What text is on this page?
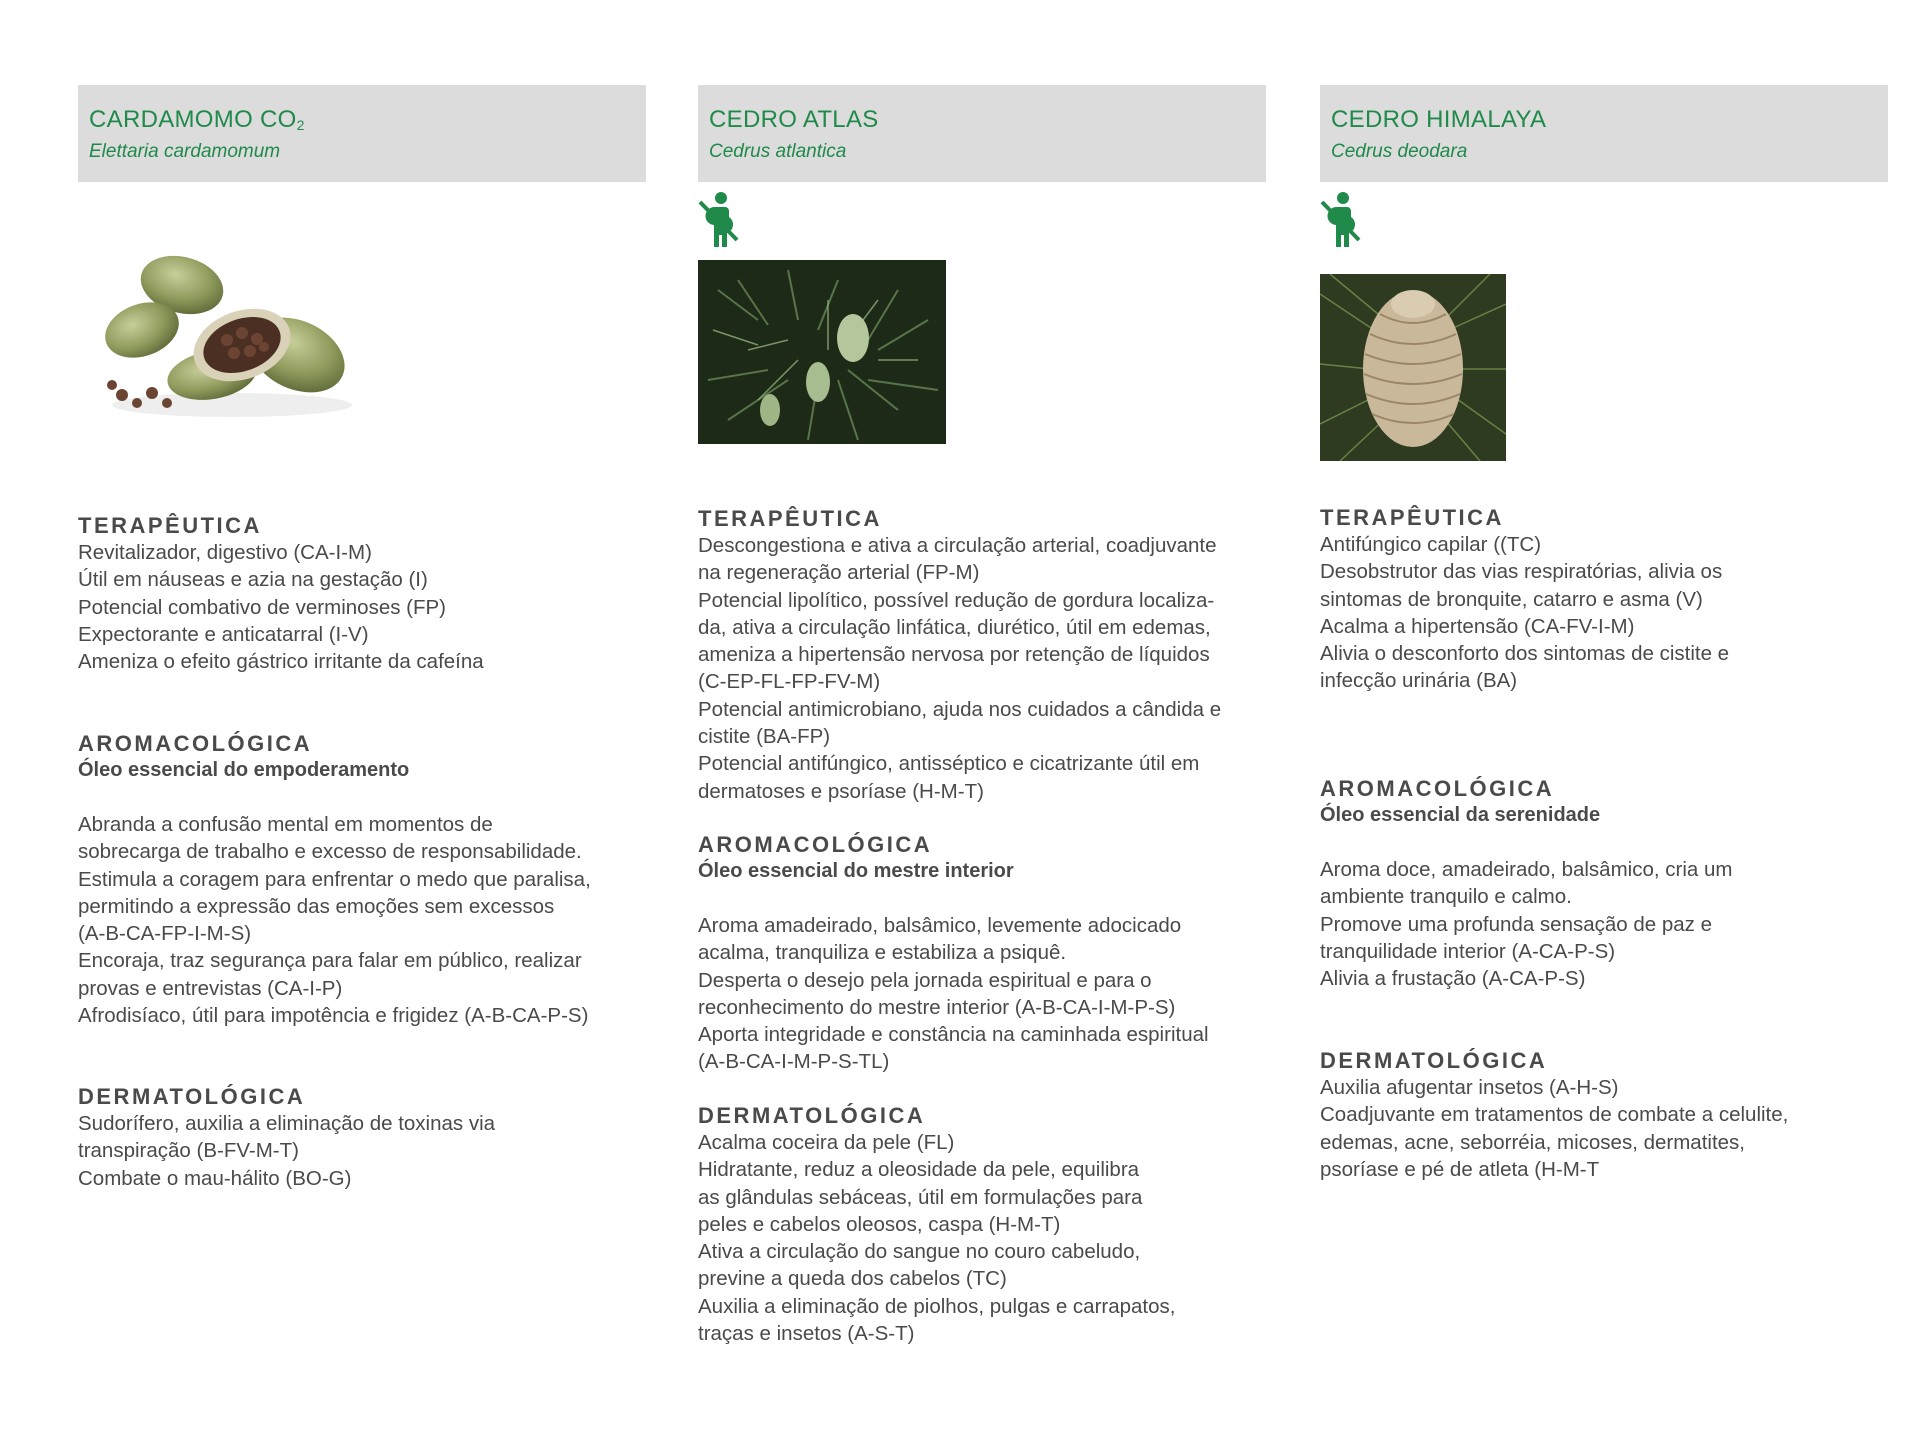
CARDAMOMO $CO_2$
Elettaria cardamomum
TERAPÊUTICA
Revitalizador, digestivo (CA-I-M)
Útil em náuseas e azia na gestação (I)
Potencial combativo de verminoses (FP)
Expectorante e anticatarral (I-V)
Ameniza o efeito gástrico irritante da cafeína
AROMACOLÓGICA
Óleo essencial do empoderamento
Abranda a confusão mental em momentos de
sobrecarga de trabalho e excesso de responsabilidade.
Estimula a coragem para enfrentar o medo que paralisa,
permitindo a expressão das emoções sem excessos
(A-B-CA-FP-I-M-S)
Encoraja, traz segurança para falar em público, realizar
provas e entrevistas (CA-I-P)
Afrodisíaco, útil para impotência e frigidez (A-B-CA-P-S)
DERMATOLÓGICA
Sudorífero, auxilia a eliminação de toxinas via
transpiração (B-FV-M-T)
Combate o mau-hálito (BO-G)
CEDRO ATLAS
Cedrus atlantica
TERAPÊUTICA
Descongestiona e ativa a circulação arterial, coadjuvante
na regeneração arterial (FP-M)
Potencial lipolítico, possível redução de gordura localiza-
da, ativa a circulação linfática, diurético, útil em edemas,
ameniza a hipertensão nervosa por retenção de líquidos
(C-EP-FL-FP-FV-M)
Potencial antimicrobiano, ajuda nos cuidados a cândida e
cistite (BA-FP)
Potencial antifúngico, antisséptico e cicatrizante útil em
dermatoses e psoríase (H-M-T)
AROMACOLÓGICA
Óleo essencial do mestre interior
Aroma amadeirado, balsâmico, levemente adocicado
acalma, tranquiliza e estabiliza a psiquê.
Desperta o desejo pela jornada espiritual e para o
reconhecimento do mestre interior (A-B-CA-I-M-P-S)
Aporta integridade e constância na caminhada espiritual
(A-B-CA-I-M-P-S-TL)
DERMATOLÓGICA
Acalma coceira da pele (FL)
Hidratante, reduz a oleosidade da pele, equilibra
as glândulas sebáceas, útil em formulações para
peles e cabelos oleosos, caspa (H-M-T)
Ativa a circulação do sangue no couro cabeludo,
previne a queda dos cabelos (TC)
Auxilia a eliminação de piolhos, pulgas e carrapatos,
traças e insetos (A-S-T)
CEDRO HIMALAYA
Cedrus deodara
TERAPÊUTICA
Antifúngico capilar ((TC)
Desobstrutor das vias respiratórias, alivia os
sintomas de bronquite, catarro e asma (V)
Acalma a hipertensão (CA-FV-I-M)
Alivia o desconforto dos sintomas de cistite e
infecção urinária (BA)
AROMACOLÓGICA
Óleo essencial da serenidade
Aroma doce, amadeirado, balsâmico, cria um
ambiente tranquilo e calmo.
Promove uma profunda sensação de paz e
tranquilidade interior (A-CA-P-S)
Alivia a frustação (A-CA-P-S)
DERMATOLÓGICA
Auxilia afugentar insetos (A-H-S)
Coadjuvante em tratamentos de combate a celulite,
edemas, acne, seborréia, micoses, dermatites,
psoríase e pé de atleta (H-M-T
